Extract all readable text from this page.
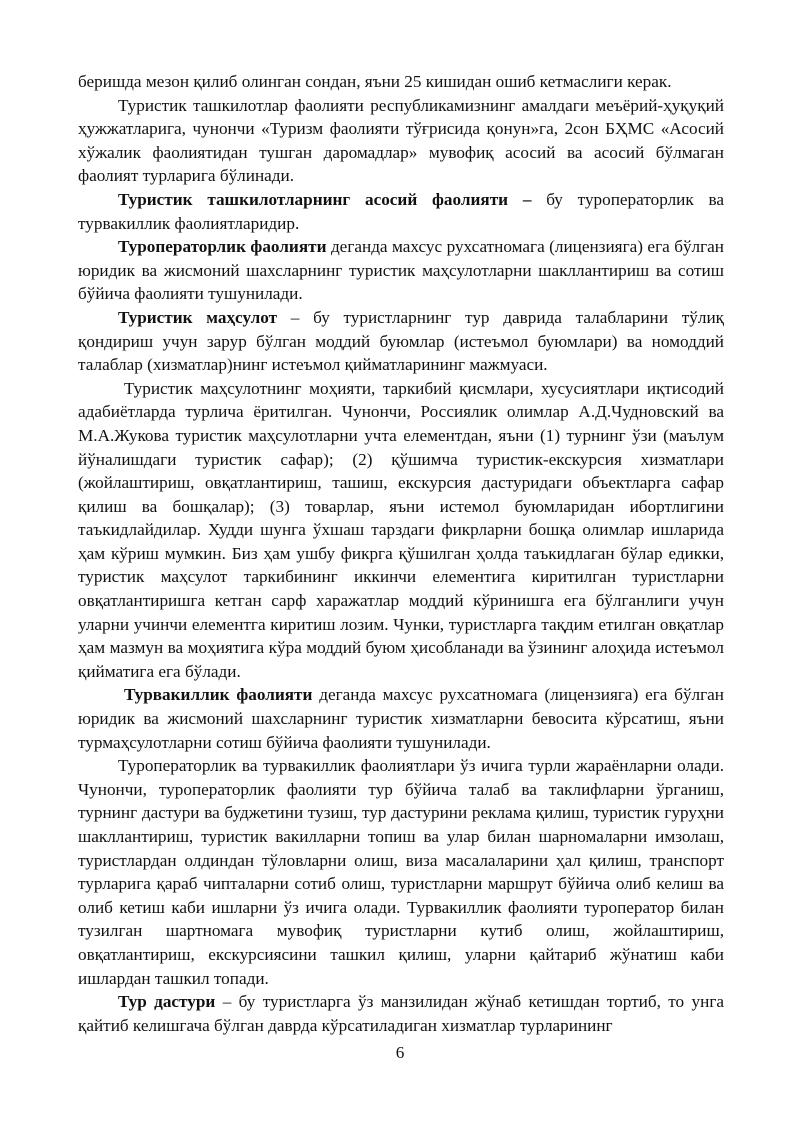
беришда мезон қилиб олинган сондан, яъни 25 кишидан ошиб кетмаслиги керак.

Туристик ташкилотлар фаолияти республикамизнинг амалдаги меъёрий-ҳуқуқий ҳужжатларига, чунончи «Туризм фаолияти тўғрисида қонун»га, 2сон БҲМС «Асосий хўжалик фаолиятидан тушган даромадлар» мувофиқ асосий ва асосий бўлмаган фаолият турларига бўлинади.

Туристик ташкилотларнинг асосий фаолияти – бу туроператорлик ва турвакиллик фаолиятларидир.

Туроператорлик фаолияти деганда махсус рухсатномага (лицензияга) ега бўлган юридик ва жисмоний шахсларнинг туристик маҳсулотларни шакллантириш ва сотиш бўйича фаолияти тушунилади.

Туристик маҳсулот – бу туристларнинг тур даврида талабларини тўлиқ қондириш учун зарур бўлган моддий буюмлар (истеъмол буюмлари) ва номоддий талаблар (хизматлар)нинг истеъмол қийматларининг мажмуаси.

Туристик маҳсулотнинг моҳияти, таркибий қисмлари, хусусиятлари иқтисодий адабиётларда турлича ёритилган. Чунончи, Россиялик олимлар А.Д.Чудновский ва М.А.Жукова туристик маҳсулотларни учта елементдан, яъни (1) турнинг ўзи (маълум йўналишдаги туристик сафар); (2) қўшимча туристик-екскурсия хизматлари (жойлаштириш, овқатлантириш, ташиш, екскурсия дастуридаги объектларга сафар қилиш ва бошқалар); (3) товарлар, яъни истемол буюмларидан ибортлигини таъкидлайдилар. Худди шунга ўхшаш тарздаги фикрларни бошқа олимлар ишларида ҳам кўриш мумкин. Биз ҳам ушбу фикрга қўшилган ҳолда таъкидлаган бўлар едикки, туристик маҳсулот таркибининг иккинчи елементига киритилган туристларни овқатлантиришга кетган сарф харажатлар моддий кўринишга ега бўлганлиги учун уларни учинчи елементга киритиш лозим. Чунки, туристларга тақдим етилган овқатлар ҳам мазмун ва моҳиятига кўра моддий буюм ҳисобланади ва ўзининг алоҳида истеъмол қийматига ега бўлади.

Турвакиллик фаолияти деганда махсус рухсатномага (лицензияга) ега бўлган юридик ва жисмоний шахсларнинг туристик хизматларни бевосита кўрсатиш, яъни турмаҳсулотларни сотиш бўйича фаолияти тушунилади.

Туроператорлик ва турвакиллик фаолиятлари ўз ичига турли жараёнларни олади. Чунончи, туроператорлик фаолияти тур бўйича талаб ва таклифларни ўрганиш, турнинг дастури ва буджетини тузиш, тур дастурини реклама қилиш, туристик гуруҳни шакллантириш, туристик вакилларни топиш ва улар билан шарномаларни имзолаш, туристлардан олдиндан тўловларни олиш, виза масалаларини ҳал қилиш, транспорт турларига қараб чипталарни сотиб олиш, туристларни маршрут бўйича олиб келиш ва олиб кетиш каби ишларни ўз ичига олади. Турвакиллик фаолияти туроператор билан тузилган шартномага мувофиқ туристларни кутиб олиш, жойлаштириш, овқатлантириш, екскурсиясини ташкил қилиш, уларни қайтариб жўнатиш каби ишлардан ташкил топади.

Тур дастури – бу туристларга ўз манзилидан жўнаб кетишдан тортиб, то унга қайтиб келишгача бўлган даврда кўрсатиладиган хизматлар турларининг

6
